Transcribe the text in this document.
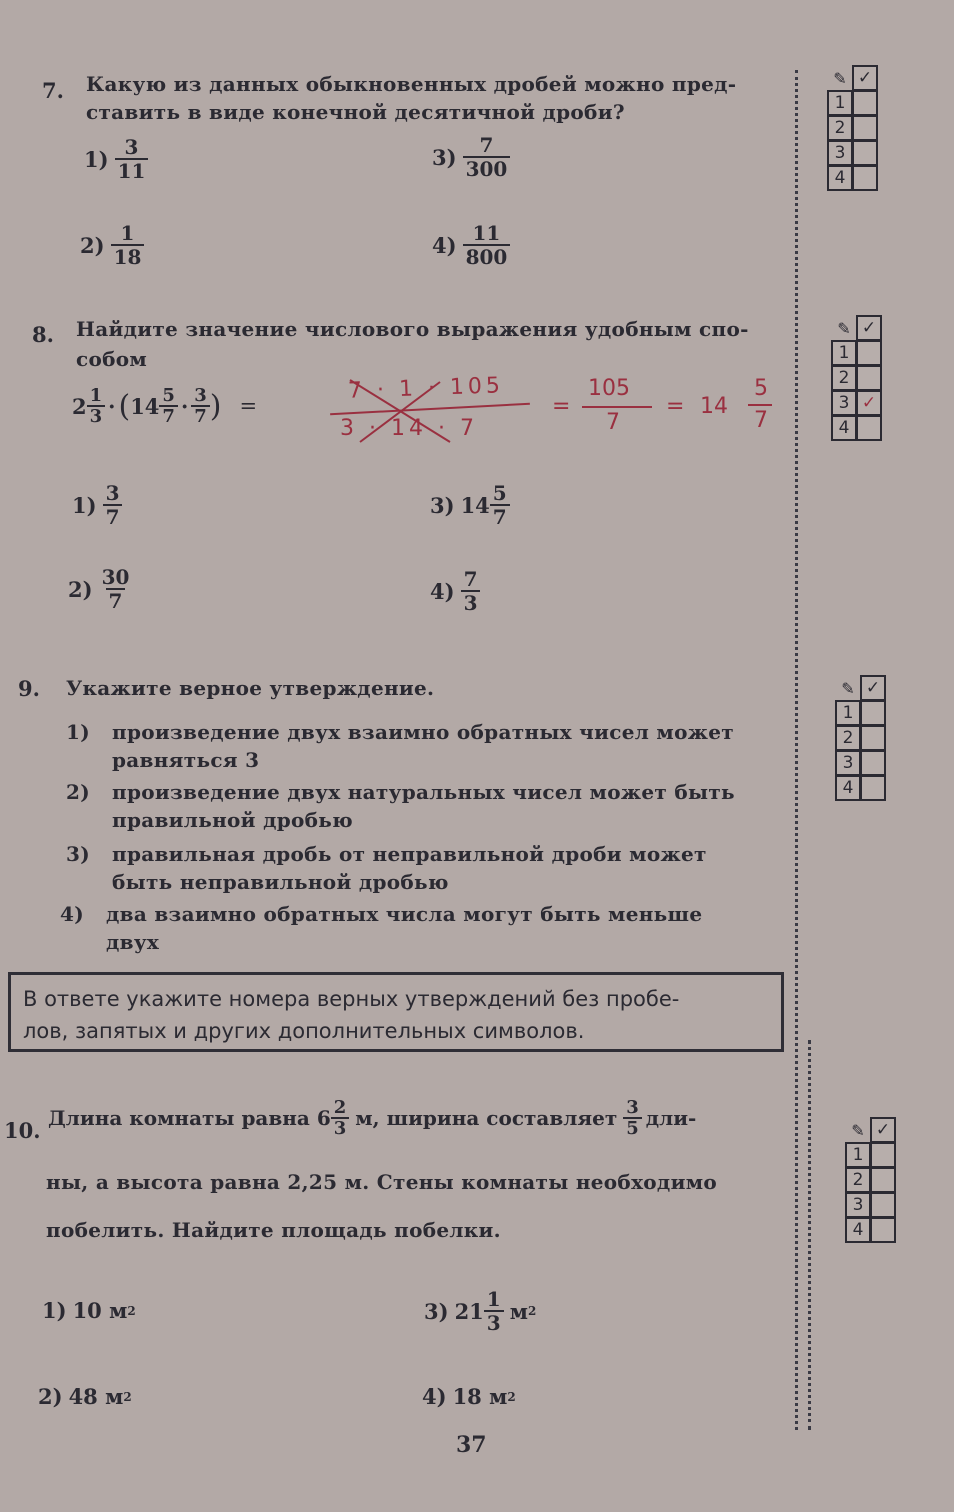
7. Какую из данных обыкновенных дробей можно пред-
ставить в виде конечной десятичной дроби?
$1) \frac{3}{11}$
$2) \frac{1}{18}$
$3) \frac{7}{300}$
$4) \frac{11}{800}$
✎ ✓
1
2
3
4
8. Найдите значение числового выражения удобным спо-
собом
$2 \frac{1}{3}$ · ( $14 \frac{5}{7} \cdot \frac{3}{7}$ ) =
7 · 1 · 105
3 · 14 · 7
=
105
7
= 14
5
7
$1) \frac{3}{7}$
$2) \frac{30}{7}$
3) $14 \frac{5}{7}$
$4) \frac{7}{3}$
✎ ✓
1
2
3 ✓
4
9. Укажите верное утверждение.
1) произведение двух взаимно обратных чисел может
равняться 3
2) произведение двух натуральных чисел может быть
правильной дробью
3) правильная дробь от неправильной дроби может
быть неправильной дробью
4) два взаимно обратных числа могут быть меньше
двух
✎ ✓
1
2
3
4
В ответе укажите номера верных утверждений без пробе-
лов, запятых и других дополнительных символов.
10. Длина комнаты равна $6 \frac{2}{3} м$, ширина составляет $\frac{3}{5} дли-$
ны, а высота равна 2,25 м. Стены комнаты необходимо
побелить. Найдите площадь побелки.
1) 10 м 2
2) 48 м 2
3) $21 \frac{1}{3}$ м 2
4) 18 м 2
✎ ✓
1
2
3
4
37
